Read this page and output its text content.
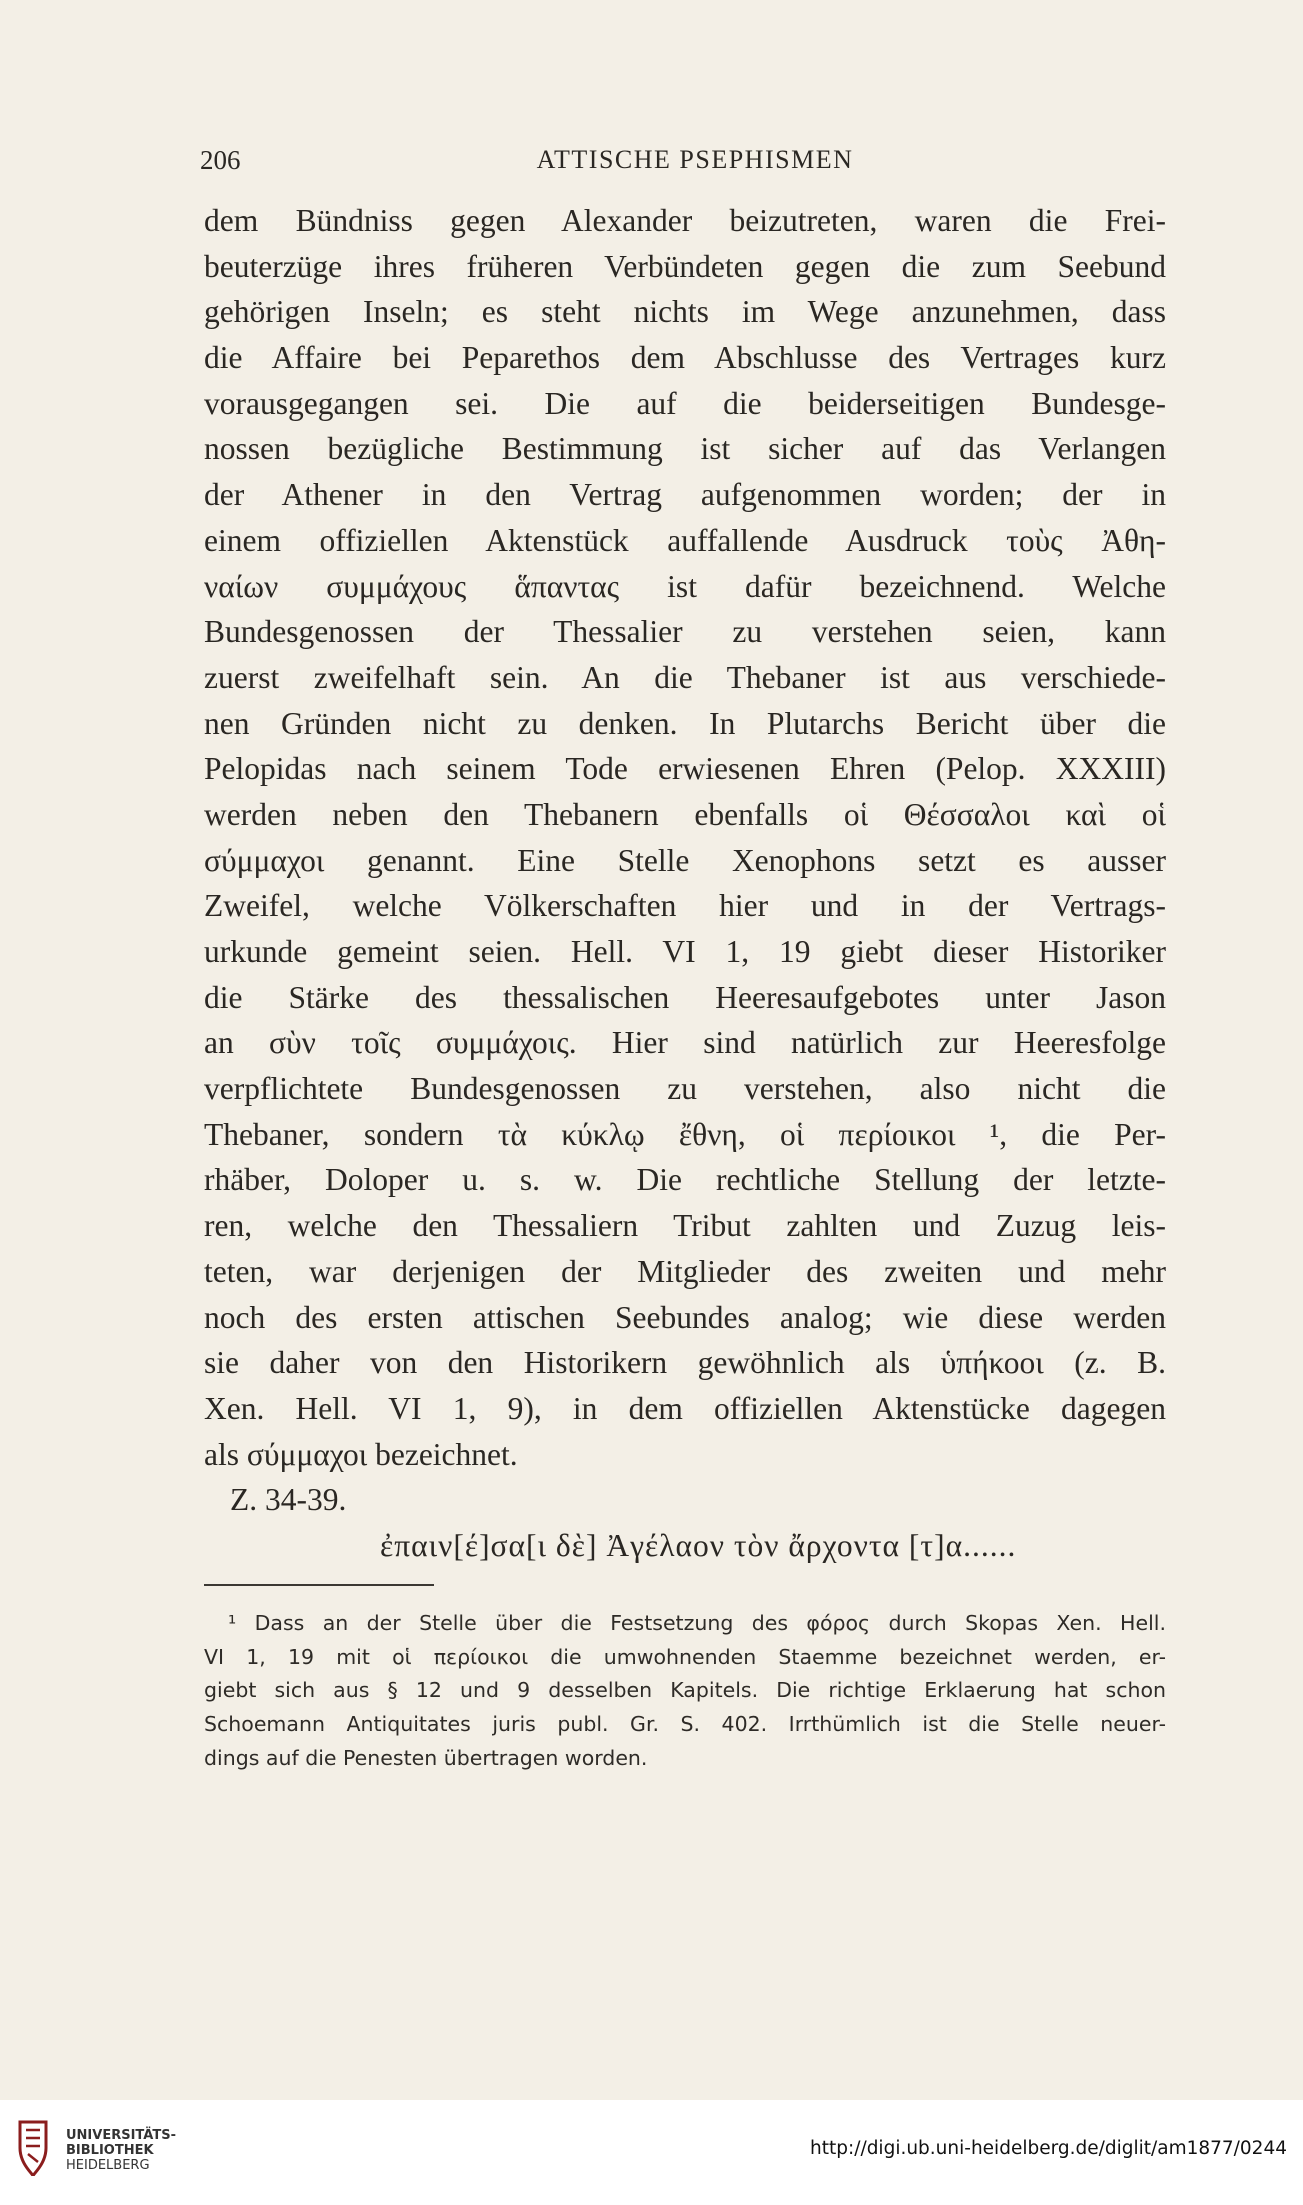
206	ATTISCHE PSEPHISMEN
dem Bündniss gegen Alexander beizutreten, waren die Frei-
beuterzüge ihres früheren Verbündeten gegen die zum Seebund
gehörigen Inseln; es steht nichts im Wege anzunehmen, dass
die Affaire bei Peparethos dem Abschlusse des Vertrages kurz
vorausgegangen sei. Die auf die beiderseitigen Bundesge-
nossen bezügliche Bestimmung ist sicher auf das Verlangen
der Athener in den Vertrag aufgenommen worden; der in
einem offiziellen Aktenstück auffallende Ausdruck τοὺς Ἀθη-
ναίων συμμάχους ἅπαντας ist dafür bezeichnend. Welche
Bundesgenossen der Thessalier zu verstehen seien, kann
zuerst zweifelhaft sein. An die Thebaner ist aus verschiede-
nen Gründen nicht zu denken. In Plutarchs Bericht über die
Pelopidas nach seinem Tode erwiesenen Ehren (Pelop. XXXIII)
werden neben den Thebanern ebenfalls οἱ Θέσσαλοι καὶ οἱ
σύμμαχοι genannt. Eine Stelle Xenophons setzt es ausser
Zweifel, welche Völkerschaften hier und in der Vertrags-
urkunde gemeint seien. Hell. VI 1, 19 giebt dieser Historiker
die Stärke des thessalischen Heeresaufgebotes unter Jason
an σὺν τοῖς συμμάχοις. Hier sind natürlich zur Heeresfolge
verpflichtete Bundesgenossen zu verstehen, also nicht die
Thebaner, sondern τὰ κύκλῳ ἔθνη, οἱ περίοικοι ¹, die Per-
rhäber, Doloper u. s. w. Die rechtliche Stellung der letzte-
ren, welche den Thessaliern Tribut zahlten und Zuzug leis-
teten, war derjenigen der Mitglieder des zweiten und mehr
noch des ersten attischen Seebundes analog; wie diese werden
sie daher von den Historikern gewöhnlich als ὑπήκοοι (z. B.
Xen. Hell. VI 1, 9), in dem offiziellen Aktenstücke dagegen
als σύμμαχοι bezeichnet.
Z. 34-39.
ἐπαιν[έ]σα[ι δὲ] Ἀγέλαον τὸν ἄρχοντα [τ]α......
¹ Dass an der Stelle über die Festsetzung des φόρος durch Skopas Xen. Hell.
VI 1, 19 mit οἱ περίοικοι die umwohnenden Staemme bezeichnet werden, er-
giebt sich aus § 12 und 9 desselben Kapitels. Die richtige Erklaerung hat schon
Schoemann Antiquitates juris publ. Gr. S. 402. Irrthümlich ist die Stelle neuer-
dings auf die Penesten übertragen worden.
UNIVERSITÄTS-
BIBLIOTHEK
HEIDELBERG
http://digi.ub.uni-heidelberg.de/diglit/am1877/0244
